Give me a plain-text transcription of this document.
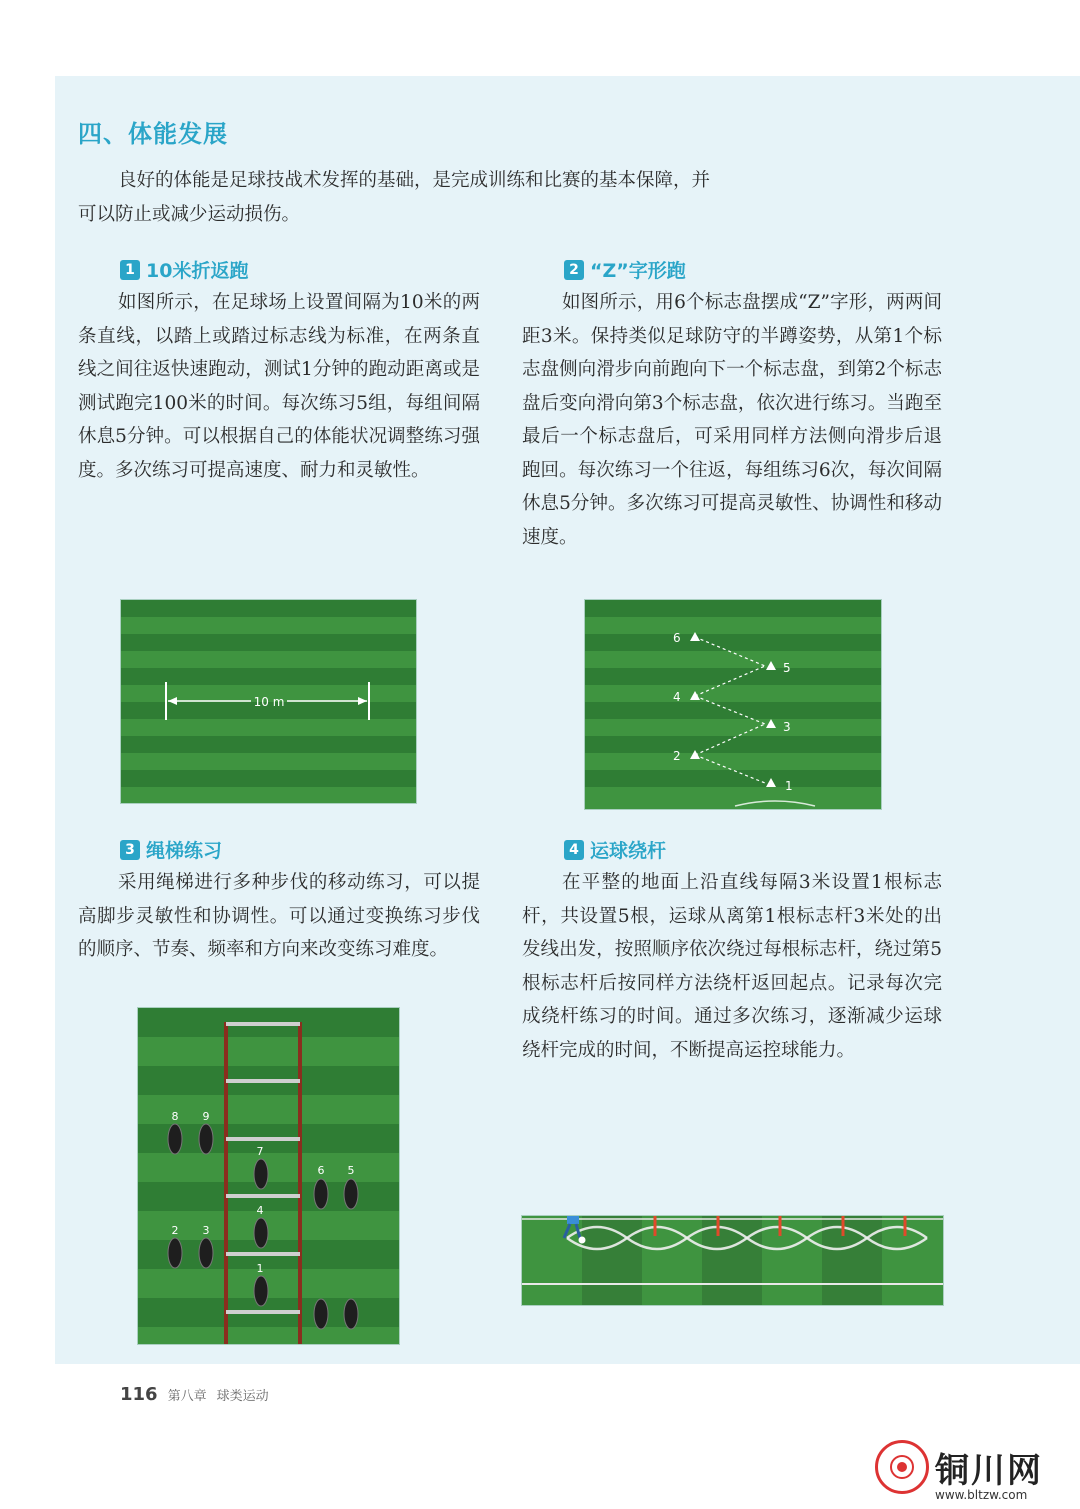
四、体能发展
良好的体能是足球技战术发挥的基础，是完成训练和比赛的基本保障，并可以防止或减少运动损伤。
1 10米折返跑
如图所示，在足球场上设置间隔为10米的两条直线，以踏上或踏过标志线为标准，在两条直线之间往返快速跑动，测试1分钟的跑动距离或是测试跑完100米的时间。每次练习5组，每组间隔休息5分钟。可以根据自己的体能状况调整练习强度。多次练习可提高速度、耐力和灵敏性。
2 “Z”字形跑
如图所示，用6个标志盘摆成“Z”字形，两两间距3米。保持类似足球防守的半蹲姿势，从第1个标志盘侧向滑步向前跑向下一个标志盘，到第2个标志盘后变向滑向第3个标志盘，依次进行练习。当跑至最后一个标志盘后，可采用同样方法侧向滑步后退跑回。每次练习一个往返，每组练习6次，每次间隔休息5分钟。多次练习可提高灵敏性、协调性和移动速度。
10 m
1
2
3
4
5
6
3 绳梯练习
采用绳梯进行多种步伐的移动练习，可以提高脚步灵敏性和协调性。可以通过变换练习步伐的顺序、节奏、频率和方向来改变练习难度。
4 运球绕杆
在平整的地面上沿直线每隔3米设置1根标志杆，共设置5根，运球从离第1根标志杆3米处的出发线出发，按照顺序依次绕过每根标志杆，绕过第5根标志杆后按同样方法绕杆返回起点。记录每次完成绕杆练习的时间。通过多次练习，逐渐减少运球绕杆完成的时间，不断提高运控球能力。
1
2 3
4
5
6
7
8 9
116 第八章 球类运动
铜川网
www.bltzw.com
